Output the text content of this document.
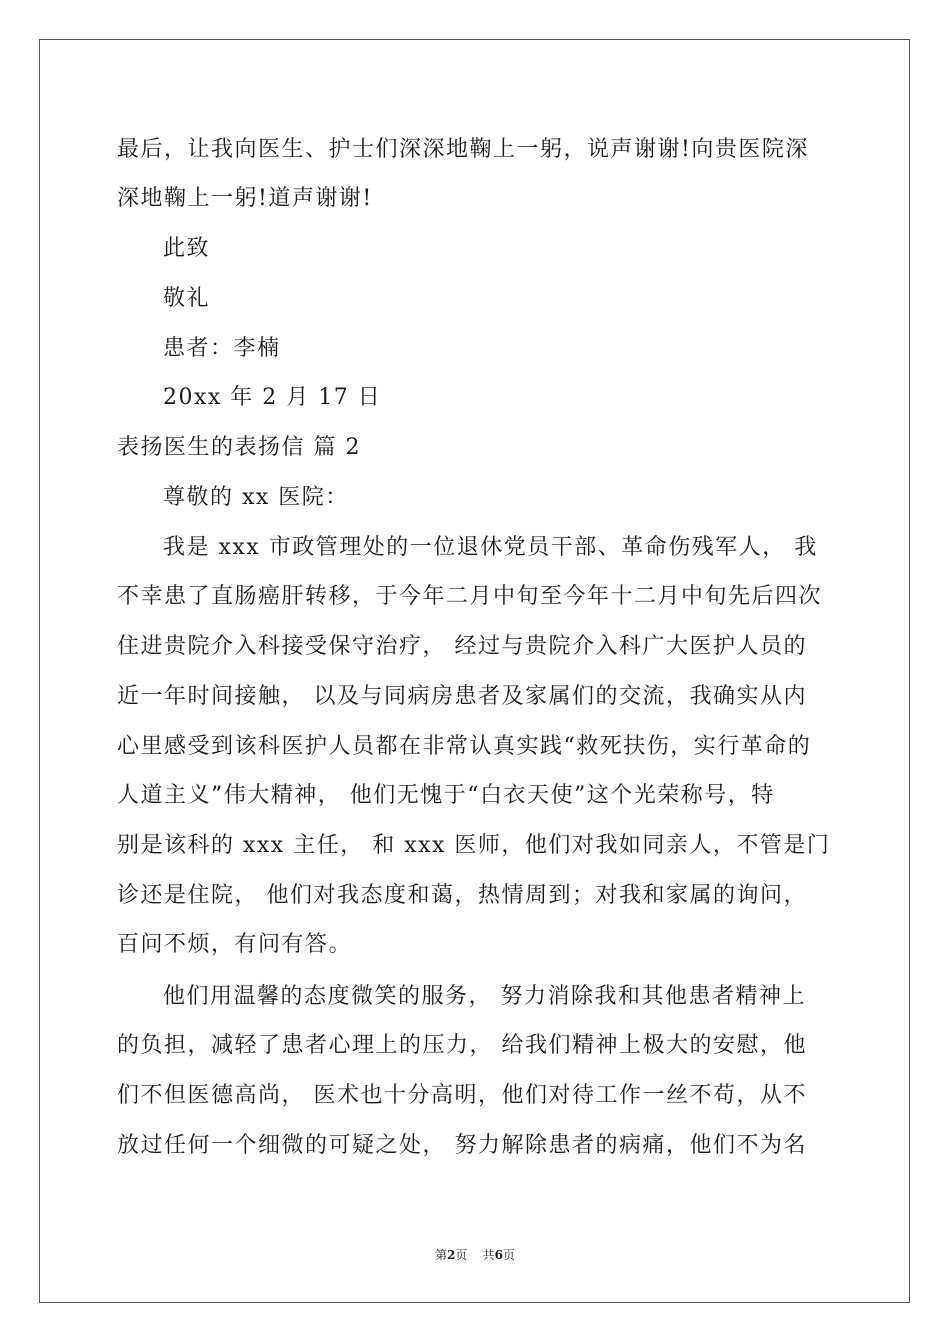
最后，让我向医生、护士们深深地鞠上一躬，说声谢谢!向贵医院深
深地鞠上一躬!道声谢谢!
此致
敬礼
患者：李楠
20xx 年 2 月 17 日
表扬医生的表扬信 篇 2
尊敬的 xx 医院：
我是 xxx 市政管理处的一位退休党员干部、革命伤残军人， 我
不幸患了直肠癌肝转移，于今年二月中旬至今年十二月中旬先后四次
住进贵院介入科接受保守治疗， 经过与贵院介入科广大医护人员的
近一年时间接触， 以及与同病房患者及家属们的交流，我确实从内
心里感受到该科医护人员都在非常认真实践“救死扶伤，实行革命的
人道主义”伟大精神， 他们无愧于“白衣天使”这个光荣称号，特
别是该科的 xxx 主任， 和 xxx 医师，他们对我如同亲人，不管是门
诊还是住院， 他们对我态度和蔼，热情周到；对我和家属的询问，
百问不烦，有问有答。
他们用温馨的态度微笑的服务， 努力消除我和其他患者精神上
的负担，减轻了患者心理上的压力， 给我们精神上极大的安慰，他
们不但医德高尚， 医术也十分高明，他们对待工作一丝不苟，从不
放过任何一个细微的可疑之处， 努力解除患者的病痛，他们不为名
第2页 共6页
